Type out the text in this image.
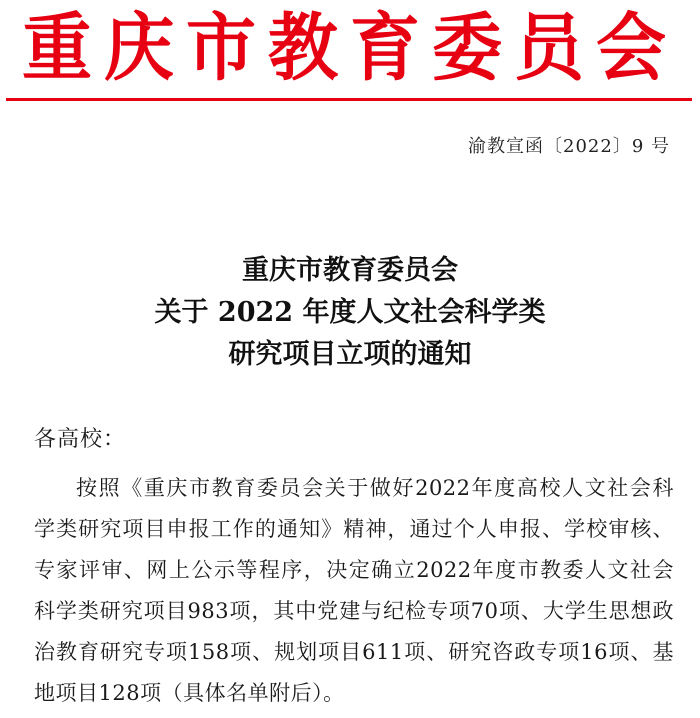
重庆市教育委员会
渝教宣函〔2022〕9 号
重庆市教育委员会
关于 2022 年度人文社会科学类
研究项目立项的通知
各高校：
按照《重庆市教育委员会关于做好2022年度高校人文社会科
学类研究项目申报工作的通知》精神，通过个人申报、学校审核、
专家评审、网上公示等程序，决定确立2022年度市教委人文社会
科学类研究项目983项，其中党建与纪检专项70项、大学生思想政
治教育研究专项158项、规划项目611项、研究咨政专项16项、基
地项目128项（具体名单附后）。
